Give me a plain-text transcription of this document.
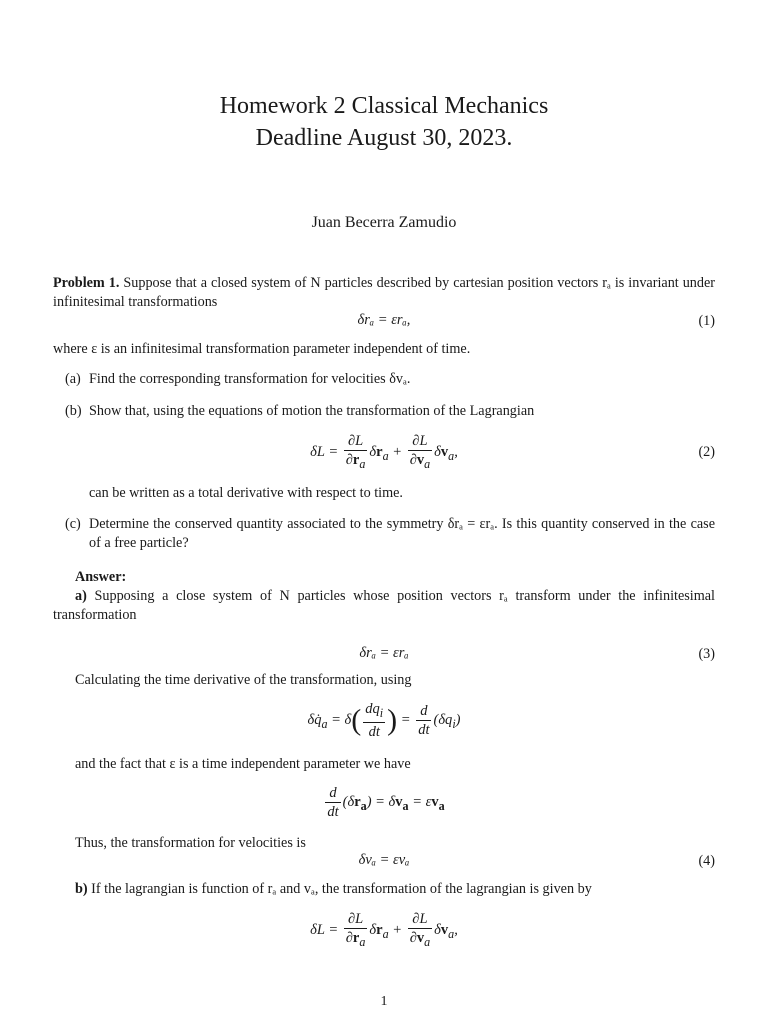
Homework 2 Classical Mechanics
Deadline August 30, 2023.
Juan Becerra Zamudio
Problem 1. Suppose that a closed system of N particles described by cartesian position vectors rₐ is invariant under infinitesimal transformations
δrₐ = εrₐ,	(1)
where ε is an infinitesimal transformation parameter independent of time.
(a) Find the corresponding transformation for velocities δvₐ.
(b) Show that, using the equations of motion the transformation of the Lagrangian
$\delta L = \frac{\partial L}{\partial r_a} \delta r_a + \frac{\partial L}{\partial v_a} \delta v_a$,	(2)
can be written as a total derivative with respect to time.
(c) Determine the conserved quantity associated to the symmetry δrₐ = εrₐ. Is this quantity conserved in the case of a free particle?
Answer:
a) Supposing a close system of N particles whose position vectors rₐ transform under the infinitesimal transformation
δrₐ = εrₐ	(3)
Calculating the time derivative of the transformation, using
$\delta q̇_a = \delta( \frac{dq_i}{dt}$ ) = $\frac{d}{dt} (\delta q_i)$
and the fact that ε is a time independent parameter we have
$\frac{d}{dt} (\delta r_a) = \delta v_a = \varepsilon v_a$
Thus, the transformation for velocities is
δvₐ = εvₐ	(4)
b) If the lagrangian is function of rₐ and vₐ, the transformation of the lagrangian is given by
$\delta L = \frac{\partial L}{\partial r_a} \delta r_a + \frac{\partial L}{\partial v_a} \delta v_a$,
1
